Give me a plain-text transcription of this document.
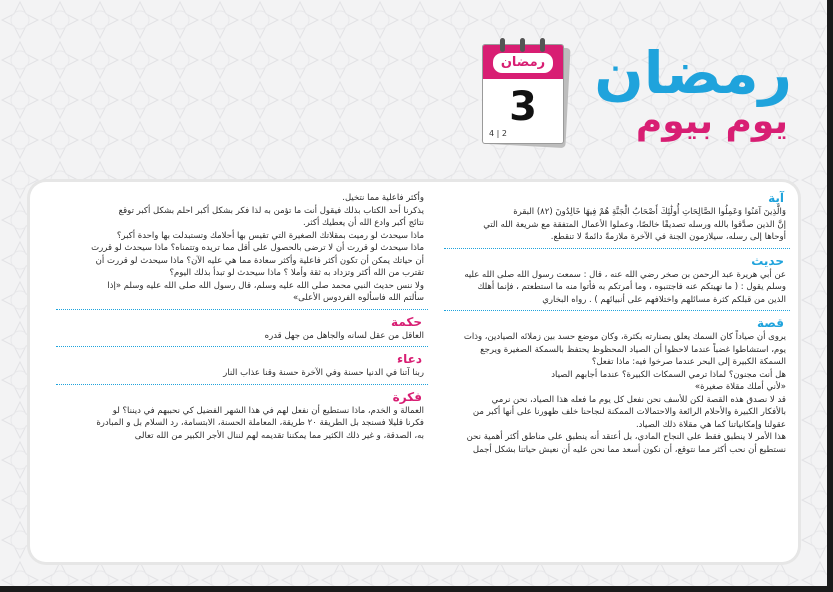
رمضان
يوم بيوم
رمضان
3
4 | 2
آية

وَالَّذِينَ آمَنُوا وَعَمِلُوا الصَّالِحَاتِ أُولَٰئِكَ أَصْحَابُ الْجَنَّةِ هُمْ فِيهَا خَالِدُونَ (٨٢) البقرة

إنَّ الذين صدَّقوا بالله ورسله تصديقًا خالصًا، وعملوا الأعمال المتفقة مع شريعة الله التي

أوحاها إلى رسله، سيلازمون الجنة في الآخرة ملازمةً دائمةً لا تنقطع.

حديث

عن أبي هريرة عبد الرحمن بن صخر رضي الله عنه ، قال : سمعت رسول الله صلى الله عليه

وسلم يقول : ( ما نهيتكم عنه فاجتنبوه ، وما أمرتكم به فأتوا منه ما استطعتم ، فإنما أهلك

الذين من قبلكم كثرة مسائلهم واختلافهم على أنبيائهم ) . رواه البخاري

قصة

يروى أن صياداً كان السمك يعلق بصنارته بكثرة، وكان موضع حسد بين زملائه الصيادين، وذات

يوم، استشاطوا غضباً عندما لاحظوا أن الصياد المحظوظ يحتفظ بالسمكة الصغيرة ويرجع

السمكة الكبيرة إلى البحر عندما صرخوا فيه: ماذا تفعل؟

هل أنت مجنون؟ لماذا ترمي السمكات الكبيرة؟ عندما أجابهم الصياد

«لأني أملك مقلاة صغيرة»

قد لا نصدق هذه القصة لكن للأسف نحن نفعل كل يوم ما فعله هذا الصياد، نحن نرمي

بالأفكار الكبيرة والأحلام الرائعة والاحتمالات الممكنة لنجاحنا خلف ظهورنا على أنها أكبر من

عقولنا وإمكانياتنا كما هي مقلاة ذلك الصياد.

هذا الأمر لا ينطبق فقط على النجاح المادي، بل أعتقد أنه ينطبق على مناطق أكثر أهمية نحن

نستطيع أن نحب أكثر مما نتوقع، أن نكون أسعد مما نحن عليه أن نعيش حياتنا بشكل أجمل

وأكثر فاعلية مما نتخيل.

يذكرنا أحد الكتاب بذلك فيقول أنت ما تؤمن به لذا فكر بشكل أكبر احلم بشكل أكبر توقع

نتائج أكبر وادع الله أن يعطيك أكثر.

ماذا سيحدث لو رميت بمقلاتك الصغيرة التي تقيس بها أحلامك وتستبدلت بها واحدة أكبر؟

ماذا سيحدث لو قررت أن لا ترضى بالحصول على أقل مما تريده وتتمناه؟ ماذا سيحدث لو قررت

أن حياتك يمكن أن تكون أكثر فاعلية وأكثر سعادة مما هي عليه الآن؟ ماذا سيحدث لو قررت أن

تقترب من الله أكثر وتزداد به ثقة وأملا ؟ ماذا سيحدث لو تبدأ بذلك اليوم؟

ولا ننس حديث النبي محمد صلى الله عليه وسلم، قال رسول الله صلى الله عليه وسلم «إذا

سألتم الله فاسألوه الفردوس الأعلى»

حكمة

العاقل من عقل لسانه والجاهل من جهل قدره

دعاء

ربنا آتنا في الدنيا حسنة وفي الآخرة حسنة وقنا عذاب النار

فكرة

العمالة و الخدم، ماذا نستطيع أن نفعل لهم في هذا الشهر الفضيل كي نحببهم في ديننا؟ لو

فكرنا قليلا فسنجد بل الطريقة ٢٠ طريقة، المعاملة الحسنة، الابتسامة، رد السلام بل و المبادرة

به، الصدقة، و غير ذلك الكثير مما يمكننا تقديمه لهم لننال الأجر الكبير من الله تعالى
